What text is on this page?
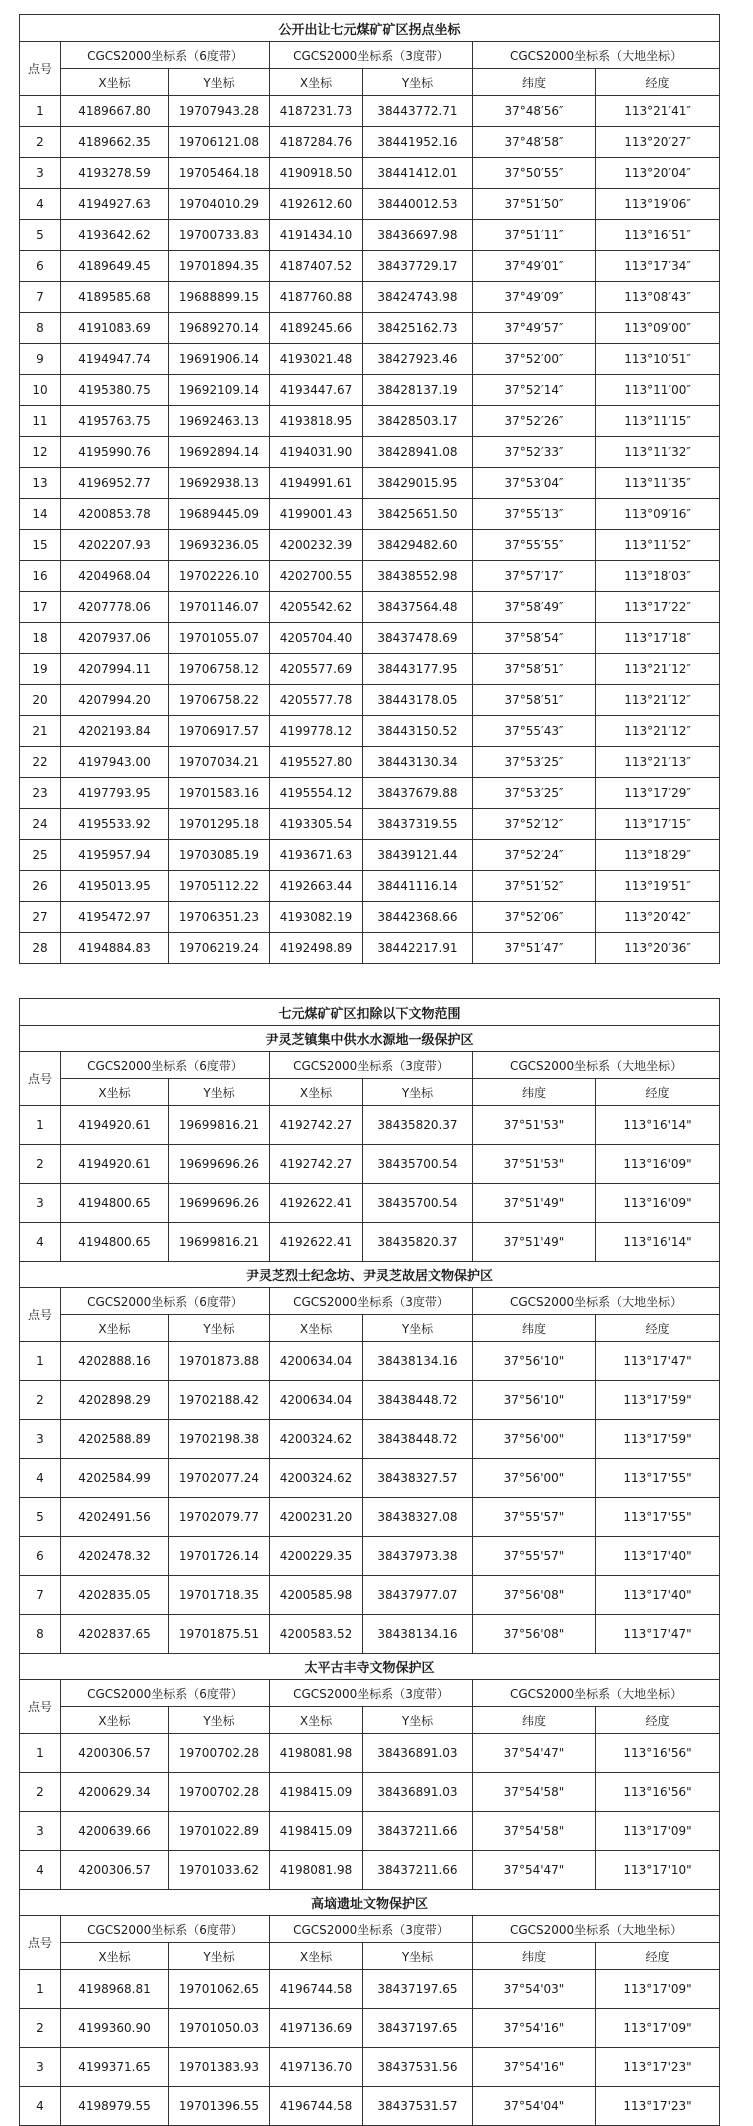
公开出让七元煤矿矿区拐点坐标						
点号	CGCS2000坐标系（6度带）		CGCS2000坐标系（3度带）		CGCS2000坐标系（大地坐标）	
	X坐标	Y坐标	X坐标	Y坐标	纬度	经度
1	4189667.80	19707943.28	4187231.73	38443772.71	37°48′56″	113°21′41″
2	4189662.35	19706121.08	4187284.76	38441952.16	37°48′58″	113°20′27″
3	4193278.59	19705464.18	4190918.50	38441412.01	37°50′55″	113°20′04″
4	4194927.63	19704010.29	4192612.60	38440012.53	37°51′50″	113°19′06″
5	4193642.62	19700733.83	4191434.10	38436697.98	37°51′11″	113°16′51″
6	4189649.45	19701894.35	4187407.52	38437729.17	37°49′01″	113°17′34″
7	4189585.68	19688899.15	4187760.88	38424743.98	37°49′09″	113°08′43″
8	4191083.69	19689270.14	4189245.66	38425162.73	37°49′57″	113°09′00″
9	4194947.74	19691906.14	4193021.48	38427923.46	37°52′00″	113°10′51″
10	4195380.75	19692109.14	4193447.67	38428137.19	37°52′14″	113°11′00″
11	4195763.75	19692463.13	4193818.95	38428503.17	37°52′26″	113°11′15″
12	4195990.76	19692894.14	4194031.90	38428941.08	37°52′33″	113°11′32″
13	4196952.77	19692938.13	4194991.61	38429015.95	37°53′04″	113°11′35″
14	4200853.78	19689445.09	4199001.43	38425651.50	37°55′13″	113°09′16″
15	4202207.93	19693236.05	4200232.39	38429482.60	37°55′55″	113°11′52″
16	4204968.04	19702226.10	4202700.55	38438552.98	37°57′17″	113°18′03″
17	4207778.06	19701146.07	4205542.62	38437564.48	37°58′49″	113°17′22″
18	4207937.06	19701055.07	4205704.40	38437478.69	37°58′54″	113°17′18″
19	4207994.11	19706758.12	4205577.69	38443177.95	37°58′51″	113°21′12″
20	4207994.20	19706758.22	4205577.78	38443178.05	37°58′51″	113°21′12″
21	4202193.84	19706917.57	4199778.12	38443150.52	37°55′43″	113°21′12″
22	4197943.00	19707034.21	4195527.80	38443130.34	37°53′25″	113°21′13″
23	4197793.95	19701583.16	4195554.12	38437679.88	37°53′25″	113°17′29″
24	4195533.92	19701295.18	4193305.54	38437319.55	37°52′12″	113°17′15″
25	4195957.94	19703085.19	4193671.63	38439121.44	37°52′24″	113°18′29″
26	4195013.95	19705112.22	4192663.44	38441116.14	37°51′52″	113°19′51″
27	4195472.97	19706351.23	4193082.19	38442368.66	37°52′06″	113°20′42″
28	4194884.83	19706219.24	4192498.89	38442217.91	37°51′47″	113°20′36″
七元煤矿矿区扣除以下文物范围						
尹灵芝镇集中供水水源地一级保护区						
点号	CGCS2000坐标系（6度带）		CGCS2000坐标系（3度带）		CGCS2000坐标系（大地坐标）	
	X坐标	Y坐标	X坐标	Y坐标	纬度	经度
1	4194920.61	19699816.21	4192742.27	38435820.37	37°51'53"	113°16'14"
2	4194920.61	19699696.26	4192742.27	38435700.54	37°51'53"	113°16'09"
3	4194800.65	19699696.26	4192622.41	38435700.54	37°51'49"	113°16'09"
4	4194800.65	19699816.21	4192622.41	38435820.37	37°51'49"	113°16'14"
尹灵芝烈士纪念坊、尹灵芝故居文物保护区						
点号	CGCS2000坐标系（6度带）		CGCS2000坐标系（3度带）		CGCS2000坐标系（大地坐标）	
	X坐标	Y坐标	X坐标	Y坐标	纬度	经度
1	4202888.16	19701873.88	4200634.04	38438134.16	37°56'10"	113°17'47"
2	4202898.29	19702188.42	4200634.04	38438448.72	37°56'10"	113°17'59"
3	4202588.89	19702198.38	4200324.62	38438448.72	37°56'00"	113°17'59"
4	4202584.99	19702077.24	4200324.62	38438327.57	37°56'00"	113°17'55"
5	4202491.56	19702079.77	4200231.20	38438327.08	37°55'57"	113°17'55"
6	4202478.32	19701726.14	4200229.35	38437973.38	37°55'57"	113°17'40"
7	4202835.05	19701718.35	4200585.98	38437977.07	37°56'08"	113°17'40"
8	4202837.65	19701875.51	4200583.52	38438134.16	37°56'08"	113°17'47"
太平古丰寺文物保护区						
点号	CGCS2000坐标系（6度带）		CGCS2000坐标系（3度带）		CGCS2000坐标系（大地坐标）	
	X坐标	Y坐标	X坐标	Y坐标	纬度	经度
1	4200306.57	19700702.28	4198081.98	38436891.03	37°54'47"	113°16'56"
2	4200629.34	19700702.28	4198415.09	38436891.03	37°54'58"	113°16'56"
3	4200639.66	19701022.89	4198415.09	38437211.66	37°54'58"	113°17'09"
4	4200306.57	19701033.62	4198081.98	38437211.66	37°54'47"	113°17'10"
高垴遗址文物保护区						
点号	CGCS2000坐标系（6度带）		CGCS2000坐标系（3度带）		CGCS2000坐标系（大地坐标）	
	X坐标	Y坐标	X坐标	Y坐标	纬度	经度
1	4198968.81	19701062.65	4196744.58	38437197.65	37°54'03"	113°17'09"
2	4199360.90	19701050.03	4197136.69	38437197.65	37°54'16"	113°17'09"
3	4199371.65	19701383.93	4197136.70	38437531.56	37°54'16"	113°17'23"
4	4198979.55	19701396.55	4196744.58	38437531.57	37°54'04"	113°17'23"
